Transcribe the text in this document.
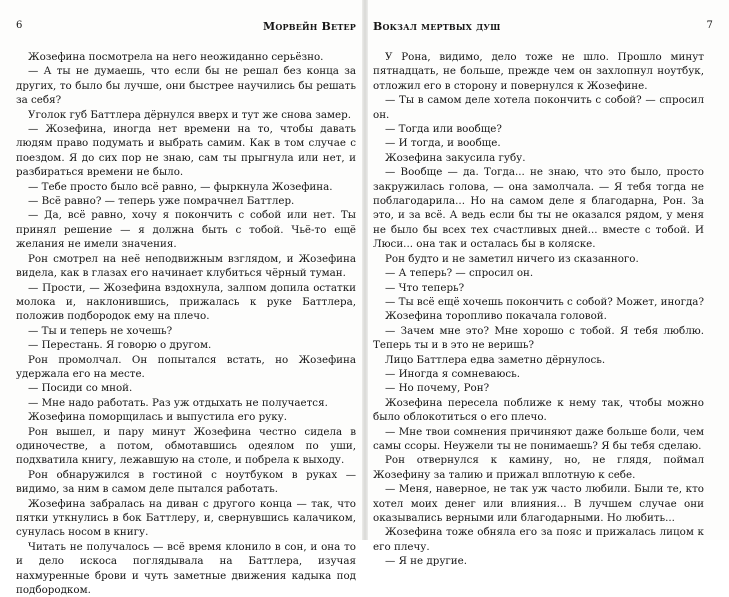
6	Морвейн Ветер

Жозефина посмотрела на него неожиданно серьёзно.

— А ты не думаешь, что если бы не решал без конца за других, то было бы лучше, они быстрее научились бы решать за себя?

Уголок губ Баттлера дёрнулся вверх и тут же снова замер.

— Жозефина, иногда нет времени на то, чтобы давать людям право подумать и выбрать самим. Как в том случае с поездом. Я до сих пор не знаю, сам ты прыгнула или нет, и разбираться времени не было.

— Тебе просто было всё равно, — фыркнула Жозефина.

— Всё равно? — теперь уже помрачнел Баттлер.

— Да, всё равно, хочу я покончить с собой или нет. Ты принял решение — я должна быть с тобой. Чьё-то ещё желания не имели значения.

Рон смотрел на неё неподвижным взглядом, и Жозефина видела, как в глазах его начинает клубиться чёрный туман.

— Прости, — Жозефина вздохнула, залпом допила остатки молока и, наклонившись, прижалась к руке Баттлера, положив подбородок ему на плечо.

— Ты и теперь не хочешь?

— Перестань. Я говорю о другом.

Рон промолчал. Он попытался встать, но Жозефина удержала его на месте.

— Посиди со мной.

— Мне надо работать. Раз уж отдыхать не получается.

Жозефина поморщилась и выпустила его руку.

Рон вышел, и пару минут Жозефина честно сидела в одиночестве, а потом, обмотавшись одеялом по уши, подхватила книгу, лежавшую на столе, и побрела к выходу.

Рон обнаружился в гостиной с ноутбуком в руках — видимо, за ним в самом деле пытался работать.

Жозефина забралась на диван с другого конца — так, что пятки уткнулись в бок Баттлеру, и, свернувшись калачиком, сунулась носом в книгу.

Читать не получалось — всё время клонило в сон, и она то и дело искоса поглядывала на Баттлера, изучая нахмуренные брови и чуть заметные движения кадыка под подбородком.

Вокзал мертвых душ	7

У Рона, видимо, дело тоже не шло. Прошло минут пятнадцать, не больше, прежде чем он захлопнул ноутбук, отложил его в сторону и повернулся к Жозефине.

— Ты в самом деле хотела покончить с собой? — спросил он.

— Тогда или вообще?

— И тогда, и вообще.

Жозефина закусила губу.

— Вообще — да. Тогда... не знаю, что это было, просто закружилась голова, — она замолчала. — Я тебя тогда не поблагодарила... Но на самом деле я благодарна, Рон. За это, и за всё. А ведь если бы ты не оказался рядом, у меня не было бы всех тех счастливых дней... вместе с тобой. И Люси... она так и осталась бы в коляске.

Рон будто и не заметил ничего из сказанного.

— А теперь? — спросил он.

— Что теперь?

— Ты всё ещё хочешь покончить с собой? Может, иногда?

Жозефина торопливо покачала головой.

— Зачем мне это? Мне хорошо с тобой. Я тебя люблю. Теперь ты и в это не веришь?

Лицо Баттлера едва заметно дёрнулось.

— Иногда я сомневаюсь.

— Но почему, Рон?

Жозефина пересела поближе к нему так, чтобы можно было облокотиться о его плечо.

— Мне твои сомнения причиняют даже больше боли, чем самы ссоры. Неужели ты не понимаешь? Я бы тебя сделаю.

Рон отвернулся к камину, но, не глядя, поймал Жозефину за талию и прижал вплотную к себе.

— Меня, наверное, не так уж часто любили. Были те, кто хотел моих денег или влияния... В лучшем случае они оказывались верными или благодарными. Но любить...

Жозефина тоже обняла его за пояс и прижалась лицом к его плечу.

— Я не другие.
